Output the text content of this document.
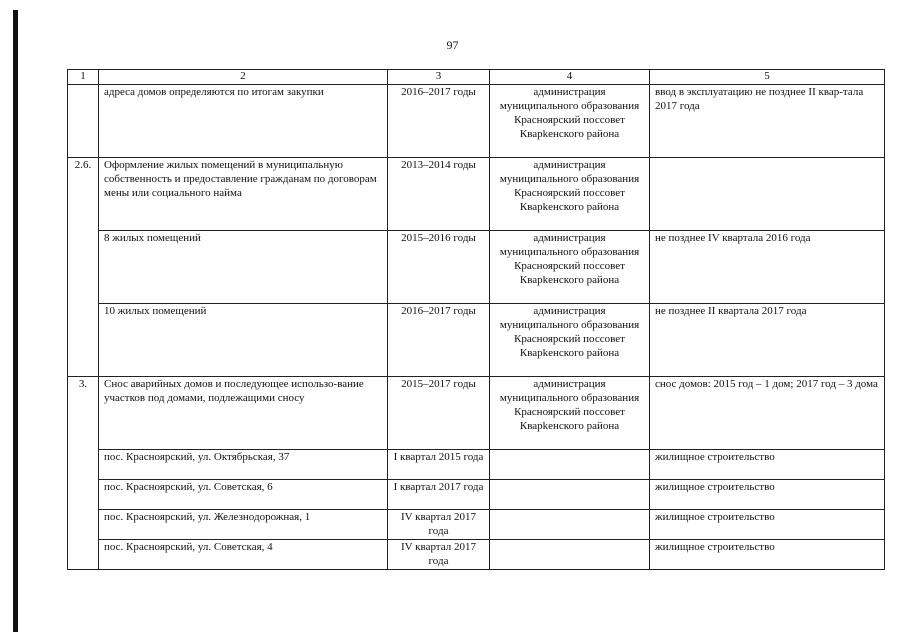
97
1	2	3	4	5
	адреса домов определяются по итогам закупки	2016–2017 годы	администрация муниципального образования Красноярский поссовет Кварkенского района	ввод в эксплуатацию не позднее II квар-тала 2017 года
2.6.	Оформление жилых помещений в муниципальную собственность и предоставление гражданам по договорам мены или социального найма	2013–2014 годы	администрация муниципального образования Красноярский поссовет Кварkенского района	
	8 жилых помещений	2015–2016 годы	администрация муниципального образования Красноярский поссовет Кварkенского района	не позднее IV квартала 2016 года
	10 жилых помещений	2016–2017 годы	администрация муниципального образования Красноярский поссовет Кварkенского района	не позднее II квартала 2017 года
3.	Снос аварийных домов и последующее использо-вание участков под домами, подлежащими сносу	2015–2017 годы	администрация муниципального образования Красноярский поссовет Кварkенского района	снос домов: 2015 год – 1 дом; 2017 год – 3 дома
	пос. Красноярский, ул. Октябрьская, 37	I квартал 2015 года		жилищное строительство
	пос. Красноярский, ул. Советская, 6	I квартал 2017 года		жилищное строительство
	пос. Красноярский, ул. Железнодорожная, 1	IV квартал 2017 года		жилищное строительство
	пос. Красноярский, ул. Советская, 4	IV квартал 2017 года		жилищное строительство
